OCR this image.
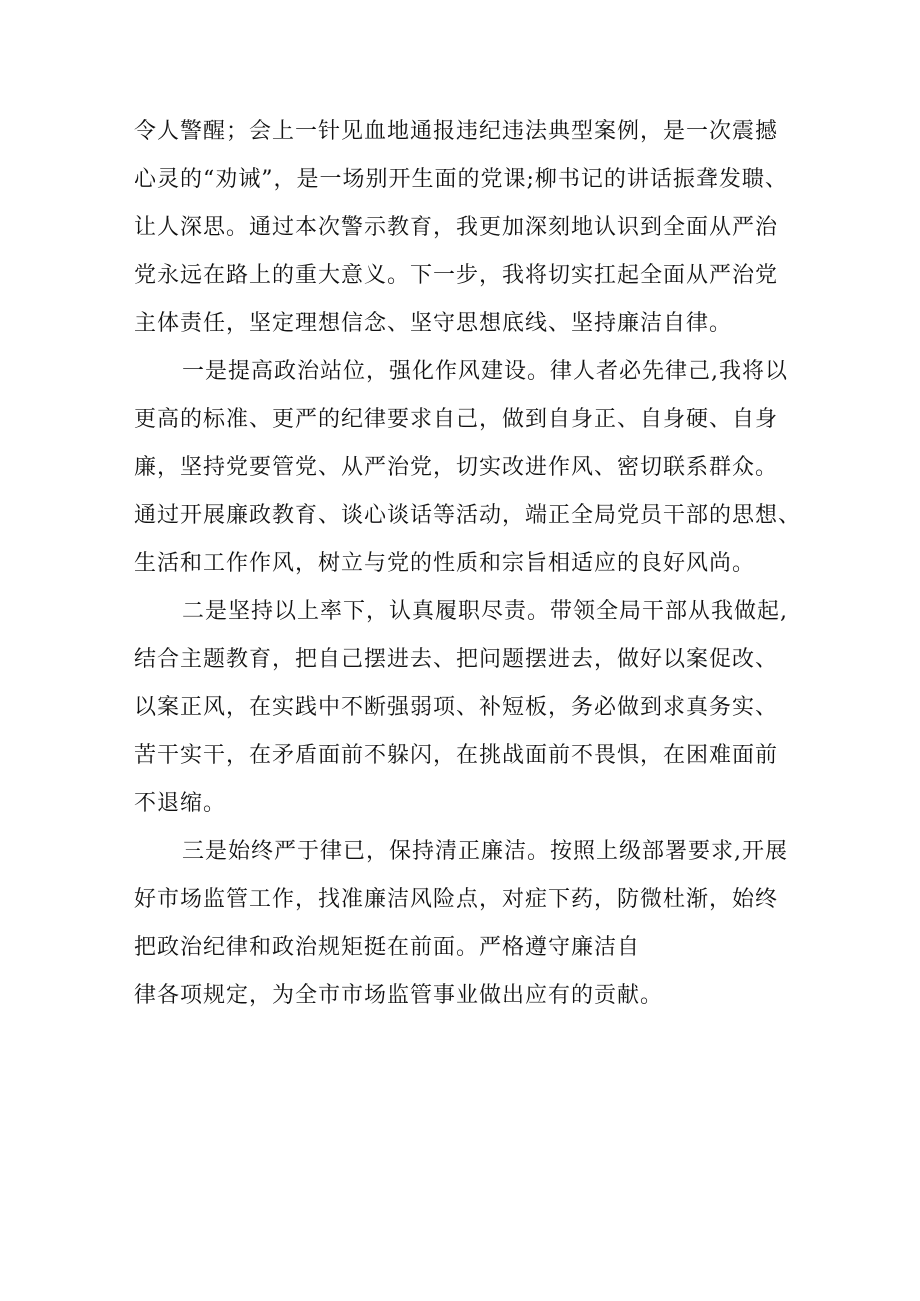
令人警醒；会上一针见血地通报违纪违法典型案例，是一次震撼
心灵的“劝诫”，是一场别开生面的党课;柳书记的讲话振聋发聩、
让人深思。通过本次警示教育，我更加深刻地认识到全面从严治
党永远在路上的重大意义。下一步，我将切实扛起全面从严治党
主体责任，坚定理想信念、坚守思想底线、坚持廉洁自律。
一是提高政治站位，强化作风建设。律人者必先律己,我将以
更高的标准、更严的纪律要求自己，做到自身正、自身硬、自身
廉，坚持党要管党、从严治党，切实改进作风、密切联系群众。
通过开展廉政教育、谈心谈话等活动，端正全局党员干部的思想、
生活和工作作风，树立与党的性质和宗旨相适应的良好风尚。
二是坚持以上率下，认真履职尽责。带领全局干部从我做起,
结合主题教育，把自己摆进去、把问题摆进去，做好以案促改、
以案正风，在实践中不断强弱项、补短板，务必做到求真务实、
苦干实干，在矛盾面前不躲闪，在挑战面前不畏惧，在困难面前
不退缩。
三是始终严于律已，保持清正廉洁。按照上级部署要求,开展
好市场监管工作，找准廉洁风险点，对症下药，防微杜渐，始终
把政治纪律和政治规矩挺在前面。严格遵守廉洁自
律各项规定，为全市市场监管事业做出应有的贡献。
